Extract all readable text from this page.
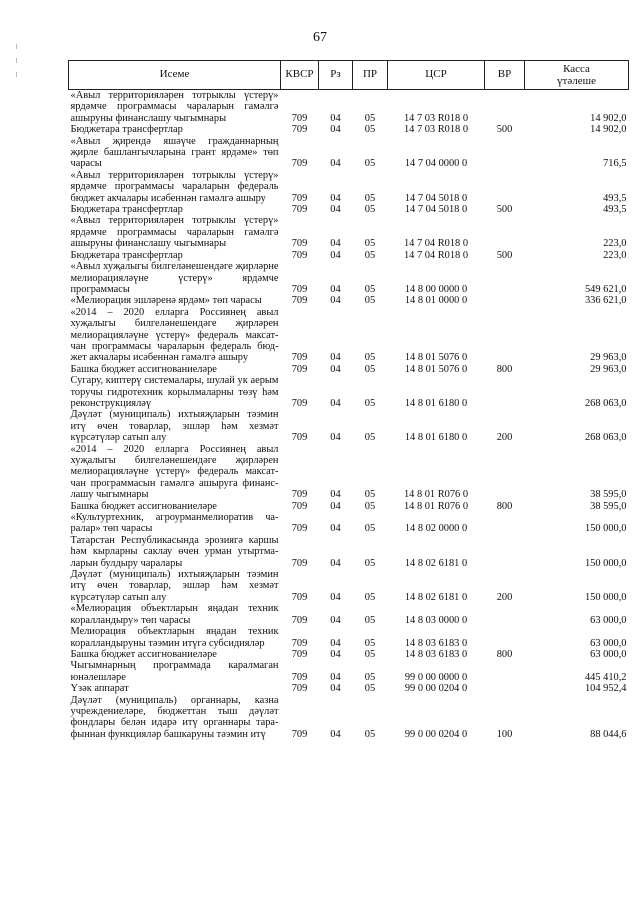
67
Исеме	КВСР	Рз	ПР	ЦСР	ВР	Касса
үтәлеше

«Авыл территорияләрен тотрыклы үстерү» ярдәмче программасы чараларын гамәлгә ашыруны финанслашу чыгымнары	709	04	05	14 7 03 R018 0		14 902,0
Бюджетара трансфертлар	709	04	05	14 7 03 R018 0	500	14 902,0
«Авыл җирендә яшәүче гражданнарның җирле башлангычларына грант ярдәме» төп чарасы	709	04	05	14 7 04 0000 0		716,5
«Авыл территорияләрен тотрыклы үстерү» ярдәмче программасы чараларын федераль бюджет акчалары исәбеннән гамәлгә ашыру	709	04	05	14 7 04 5018 0		493,5
Бюджетара трансфертлар	709	04	05	14 7 04 5018 0	500	493,5
«Авыл территорияләрен тотрыклы үстерү» ярдәмче программасы чараларын гамәлгә ашыруны финанслашу чыгымнары	709	04	05	14 7 04 R018 0		223,0
Бюджетара трансфертлар	709	04	05	14 7 04 R018 0	500	223,0
«Авыл хуҗалыгы билгеләнешендәге җирләрне мелиорацияләүне үстерү» ярдәмче программасы	709	04	05	14 8 00 0000 0		549 621,0
«Мелиорация эшләренә ярдәм» төп чарасы	709	04	05	14 8 01 0000 0		336 621,0
«2014 – 2020 елларга Россиянең авыл хуҗалыгы билгеләнешендәге җирләрен мелиорацияләүне үстерү» федераль максат-чан программасы чараларын федераль бюд-жет акчалары исәбеннән гамәлгә ашыру	709	04	05	14 8 01 5076 0		29 963,0
Башка бюджет ассигнованиеләре	709	04	05	14 8 01 5076 0	800	29 963,0
Сугару, киптерү системалары, шулай ук аерым торучы гидротехник корылмаларны төзү һәм реконструкцияләү	709	04	05	14 8 01 6180 0		268 063,0
Дәүләт (муниципаль) ихтыяҗларын тәэмин итү өчен товарлар, эшләр һәм хезмәт күрсәтүләр сатып алу	709	04	05	14 8 01 6180 0	200	268 063,0
«2014 – 2020 елларга Россиянең авыл хуҗалыгы билгеләнешендәге җирләрен мелиорацияләүне үстерү» федераль максат-чан программасын гамәлгә ашыруга финанс-лашу чыгымнары	709	04	05	14 8 01 R076 0		38 595,0
Башка бюджет ассигнованиеләре	709	04	05	14 8 01 R076 0	800	38 595,0
«Культуртехник, агроурманмелиоратив ча-ралар» төп чарасы	709	04	05	14 8 02 0000 0		150 000,0
Татарстан Республикасында эрозиягә каршы һәм кырларны саклау өчен урман утыртма-ларын булдыру чаралары	709	04	05	14 8 02 6181 0		150 000,0
Дәүләт (муниципаль) ихтыяҗларын тәэмин итү өчен товарлар, эшләр һәм хезмәт күрсәтүләр сатып алу	709	04	05	14 8 02 6181 0	200	150 000,0
«Мелиорация объектларын яңадан техник коралландыру» төп чарасы	709	04	05	14 8 03 0000 0		63 000,0
Мелиорация объектларын яңадан техник коралландыруны тәэмин итүгә субсидияләр	709	04	05	14 8 03 6183 0		63 000,0
Башка бюджет ассигнованиеләре	709	04	05	14 8 03 6183 0	800	63 000,0
Чыгымнарның программада каралмаган юнәлешләре	709	04	05	99 0 00 0000 0		445 410,2
Үзәк аппарат	709	04	05	99 0 00 0204 0		104 952,4
Дәүләт (муниципаль) органнары, казна учреждениеләре, бюджеттан тыш дәүләт фондлары белән идарә итү органнары тара-фыннан функцияләр башкаруны тәэмин итү	709	04	05	99 0 00 0204 0	100	88 044,6
